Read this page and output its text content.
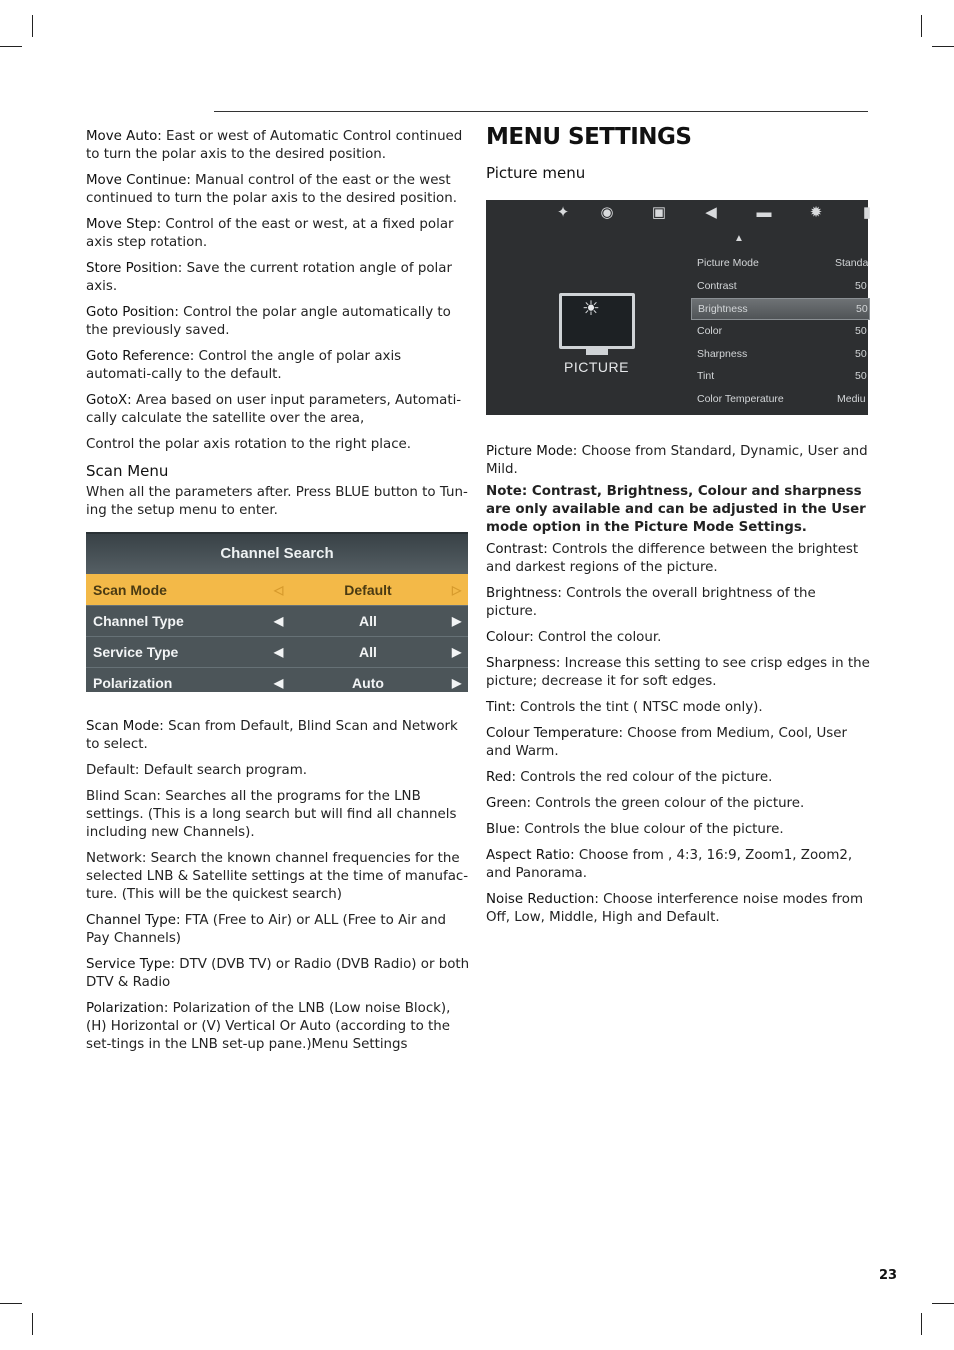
Move Auto: East or west of Automatic Control continued to turn the polar axis to the desired position.

Move Continue: Manual control of the east or the west continued to turn the polar axis to the desired position.

Move Step: Control of the east or west, at a fixed polar axis step rotation.

Store Position: Save the current rotation angle of polar axis.

Goto Position: Control the polar angle automatically to the previously saved.

Goto Reference: Control the angle of polar axis automati-cally to the default.

GotoX: Area based on user input parameters, Automati-cally calculate the satellite over the area,

Control the polar axis rotation to the right place.

Scan Menu

When all the parameters after. Press BLUE button to Tun-ing the setup menu to enter.

Channel Search
Scan Mode	◁	Default	▷
Channel Type	◀	All	▶
Service Type	◀	All	▶
Polarization	◀	Auto	▶

Scan Mode: Scan from Default, Blind Scan and Network to select.

Default: Default search program.

Blind Scan: Searches all the programs for the LNB settings. (This is a long search but will find all channels including new Channels).

Network: Search the known channel frequencies for the selected LNB & Satellite settings at the time of manufac-ture. (This will be the quickest search)

Channel Type: FTA (Free to Air) or ALL (Free to Air and Pay Channels)

Service Type: DTV (DVB TV) or Radio (DVB Radio) or both DTV & Radio

Polarization: Polarization of the LNB (Low noise Block), (H) Horizontal or (V) Vertical Or Auto (according to the set-tings in the LNB set-up pane.)Menu Settings

MENU SETTINGS
Picture menu
✦	◉	▣	◀	▬	✹	▮
▲
☀
PICTURE
Picture Mode	Standa
Contrast	50
Brightness	50
Color	50
Sharpness	50
Tint	50
Color Temperature	Mediu

Picture Mode: Choose from Standard, Dynamic, User and Mild.

Note: Contrast, Brightness, Colour and sharpness are only available and can be adjusted in the User mode option in the Picture Mode Settings.

Contrast: Controls the difference between the brightest and darkest regions of the picture.

Brightness: Controls the overall brightness of the picture.

Colour: Control the colour.

Sharpness: Increase this setting to see crisp edges in the picture; decrease it for soft edges.

Tint: Controls the tint ( NTSC mode only).

Colour Temperature: Choose from Medium, Cool, User and Warm.

Red: Controls the red colour of the picture.

Green: Controls the green colour of the picture.

Blue: Controls the blue colour of the picture.

Aspect Ratio: Choose from , 4:3, 16:9, Zoom1, Zoom2, and Panorama.

Noise Reduction: Choose interference noise modes from Off, Low, Middle, High and Default.

23
